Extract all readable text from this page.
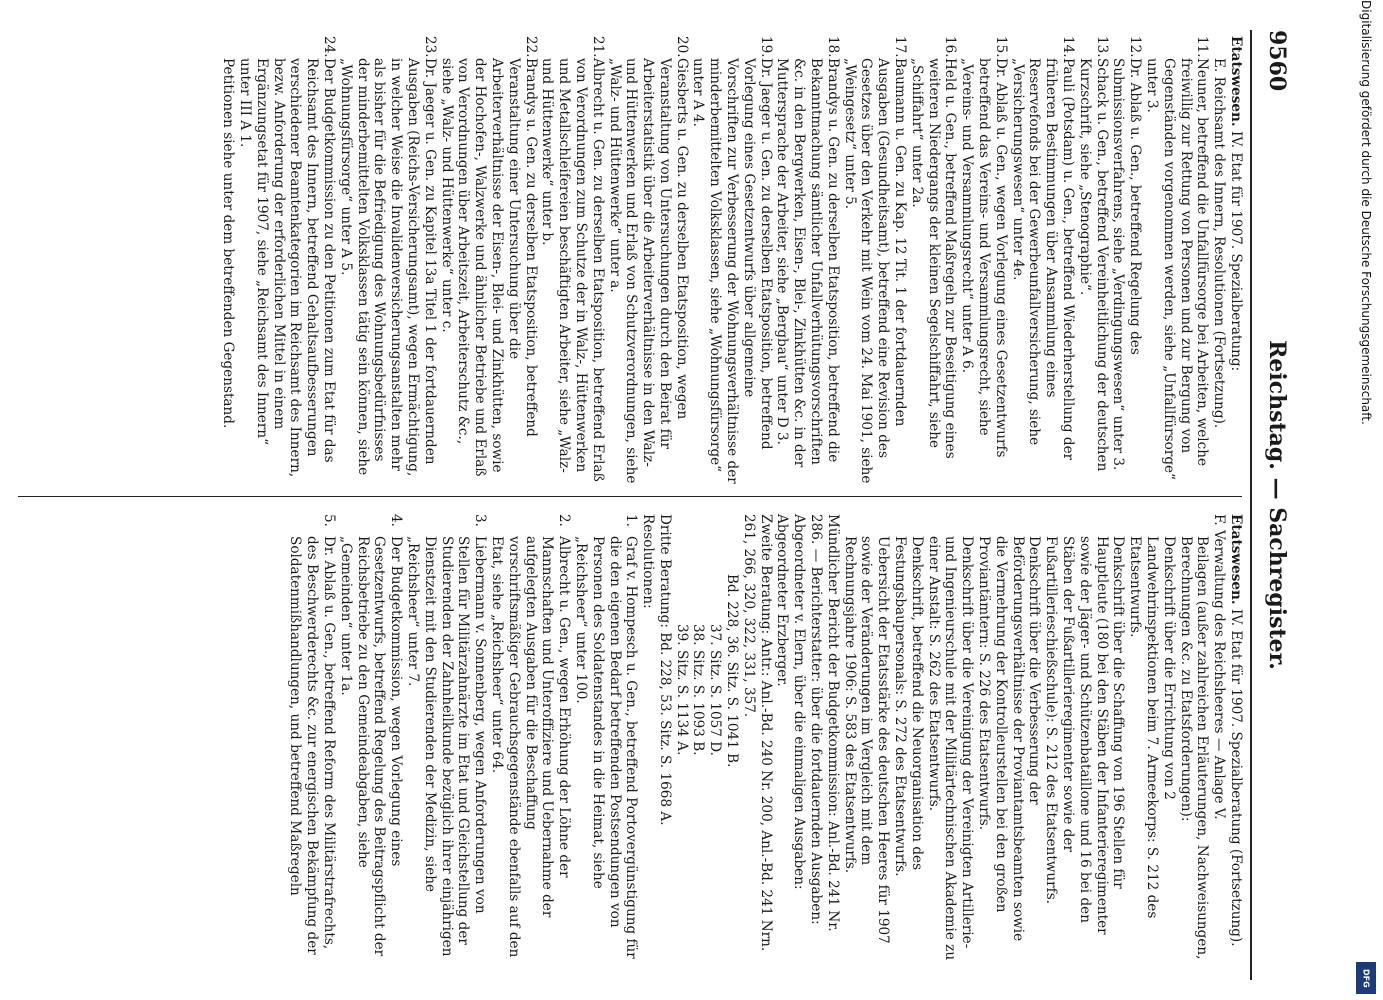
9560
Reichstag. — Sachregister.
Etatswesen. IV. Etat für 1907. Spezialberatung:
E. Reichsamt des Innern, Resolutionen (Fortsetzung).
11.Neuner, betreffend die Unfallfürsorge bei Arbeiten, welche freiwillig zur Rettung von Personen und zur Bergung von Gegenständen vorgenommen werden, siehe „Unfallfürsorge“ unter 3.
12.Dr. Ablaß u. Gen., betreffend Regelung des Submissionsverfahrens, siehe „Verdingungswesen“ unter 3.
13.Schack u. Gen., betreffend Vereinheitlichung der deutschen Kurzschrift, siehe „Stenographie“.
14.Pauli (Potsdam) u. Gen., betreffend Wiederherstellung der früheren Bestimmungen über Ansammlung eines Reservefonds bei der Gewerbeunfallversicherung, siehe „Versicherungswesen“ unter 4e.
15.Dr. Ablaß u. Gen., wegen Vorlegung eines Gesetzentwurfs betreffend das Vereins- und Versammlungsrecht, siehe „Vereins- und Versammlungsrecht“ unter A 6.
16.Held u. Gen., betreffend Maßregeln zur Beseitigung eines weiteren Niedergangs der kleinen Segelschiffahrt, siehe „Schiffahrt“ unter 2a.
17.Baumann u. Gen. zu Kap. 12 Tit. 1 der fortdauernden Ausgaben (Gesundheitsamt), betreffend eine Revision des Gesetzes über den Verkehr mit Wein vom 24. Mai 1901, siehe „Weingesetz“ unter 5.
18.Brandys u. Gen. zu derselben Etatsposition, betreffend die Bekanntmachung sämtlicher Unfallverhütungsvorschriften &c. in den Bergwerken, Eisen-, Blei-, Zinkhütten &c. in der Muttersprache der Arbeiter, siehe „Bergbau“ unter D 3.
19.Dr. Jaeger u. Gen. zu derselben Etatsposition, betreffend Vorlegung eines Gesetzentwurfs über allgemeine Vorschriften zur Verbesserung der Wohnungsverhältnisse der minderbemittelten Volksklassen, siehe „Wohnungsfürsorge“ unter A 4.
20.Giesberts u. Gen. zu derselben Etatsposition, wegen Veranstaltung von Untersuchungen durch den Beirat für Arbeiterstatistik über die Arbeiterverhältnisse in den Walz- und Hüttenwerken und Erlaß von Schutzverordnungen, siehe „Walz- und Hüttenwerke“ unter a.
21.Albrecht u. Gen. zu derselben Etatsposition, betreffend Erlaß von Verordnungen zum Schutze der in Walz-, Hüttenwerken und Metallschleifereien beschäftigten Arbeiter, siehe „Walz- und Hüttenwerke“ unter b.
22.Brandys u. Gen. zu derselben Etatsposition, betreffend Veranstaltung einer Untersuchung über die Arbeiterverhältnisse der Eisen-, Blei- und Zinkhütten, sowie der Hochofen-, Walzwerke und ähnlicher Betriebe und Erlaß von Verordnungen über Arbeitszeit, Arbeiterschutz &c., siehe „Walz- und Hüttenwerke“ unter c.
23.Dr. Jaeger u. Gen. zu Kapitel 13a Titel 1 der fortdauernden Ausgaben (Reichs-Versicherungsamt), wegen Ermächtigung, in welcher Weise die Invalidenversicherungsanstalten mehr als bisher für die Befriedigung des Wohnungsbedürfnisses der minderbemittelten Volksklassen tätig sein können, siehe „Wohnungsfürsorge“ unter A 5.
24.Der Budgetkommission zu den Petitionen zum Etat für das Reichsamt des Innern, betreffend Gehaltsaufbesserungen verschiedener Beamtenkategorien im Reichsamt des Innern, bezw. Anforderung der erforderlichen Mittel in einem Ergänzungsetat für 1907, siehe „Reichsamt des Innern“ unter III A 1.
Petitionen siehe unter dem betreffenden Gegenstand.
Etatswesen. IV. Etat für 1907. Spezialberatung (Fortsetzung).
F. Verwaltung des Reichsheeres — Anlage V.
Beilagen (außer zahlreichen Erläuterungen, Nachweisungen, Berechnungen &c. zu Etatsforderungen):
Denkschrift über die Errichtung von 2 Landwehrinspektionen beim 7. Armeekorps: S. 212 des Etatsentwurfs.
Denkschrift über die Schaffung von 196 Stellen für Hauptleute (180 bei den Stäben der Infanterieregimenter sowie der Jäger- und Schützenbataillone und 16 bei den Stäben der Fußartillerieregimenter sowie der Fußartillerieschießschule): S. 212 des Etatsentwurfs.
Denkschrift über die Verbesserung der Beförderungsverhältnisse der Proviantamtsbeamten sowie die Vermehrung der Kontrolleurstellen bei den großen Proviantämtern: S. 226 des Etatsentwurfs.
Denkschrift über die Vereinigung der Vereinigten Artillerie- und Ingenieurschule mit der Militärtechnischen Akademie zu einer Anstalt: S. 262 des Etatsentwurfs.
Denkschrift, betreffend die Neuorganisation des Festungsbaupersonals: S. 272 des Etatsentwurfs.
Uebersicht der Etatsstärke des deutschen Heeres für 1907 sowie der Veränderungen im Vergleich mit dem Rechnungsjahre 1906: S. 583 des Etatsentwurfs.
Mündlicher Bericht der Budgetkommission: Anl.-Bd. 241 Nr. 286. — Berichterstatter: über die fortdauernden Ausgaben: Abgeordneter v. Elern, über die einmaligen Ausgaben: Abgeordneter Erzberger.
Zweite Beratung: Antr.: Anl.-Bd. 240 Nr. 200, Anl.-Bd. 241 Nrn. 261, 266, 320, 322, 331, 357.
Bd. 228, 36. Sitz. S. 1041 B.
37. Sitz. S. 1057 D.
38. Sitz. S. 1093 B.
39. Sitz. S. 1134 A.
Dritte Beratung: Bd. 228, 53. Sitz. S. 1668 A.
Resolutionen:
1.Graf v. Hompesch u. Gen., betreffend Portovergünstigung für die den eigenen Bedarf betreffenden Postsendungen von Personen des Soldatenstandes in die Heimat, siehe „Reichsheer“ unter 100.
2.Albrecht u. Gen., wegen Erhöhung der Löhne der Mannschaften und Unteroffiziere und Uebernahme der aufgelegten Ausgaben für die Beschaffung vorschriftsmäßiger Gebrauchsgegenstände ebenfalls auf den Etat, siehe „Reichsheer“ unter 64.
3.Liebermann v. Sonnenberg, wegen Anforderungen von Stellen für Militärzahnärzte im Etat und Gleichstellung der Studierenden der Zahnheilkunde bezüglich ihrer einjährigen Dienstzeit mit den Studierenden der Medizin, siehe „Reichsheer“ unter 7.
4.Der Budgetkommission, wegen Vorlegung eines Gesetzentwurfs, betreffend Regelung des Beitragspflicht der Reichsbetriebe zu den Gemeindeabgaben, siehe „Gemeinden“ unter 1a.
5.Dr. Ablaß u. Gen., betreffend Reform des Militärstrafrechts, des Beschwerderechts &c. zur energischen Bekämpfung der Soldatenmißhandlungen, und betreffend Maßregeln
Digitalisierung gefördert durch die Deutsche Forschungsgemeinschaft.
DFG
